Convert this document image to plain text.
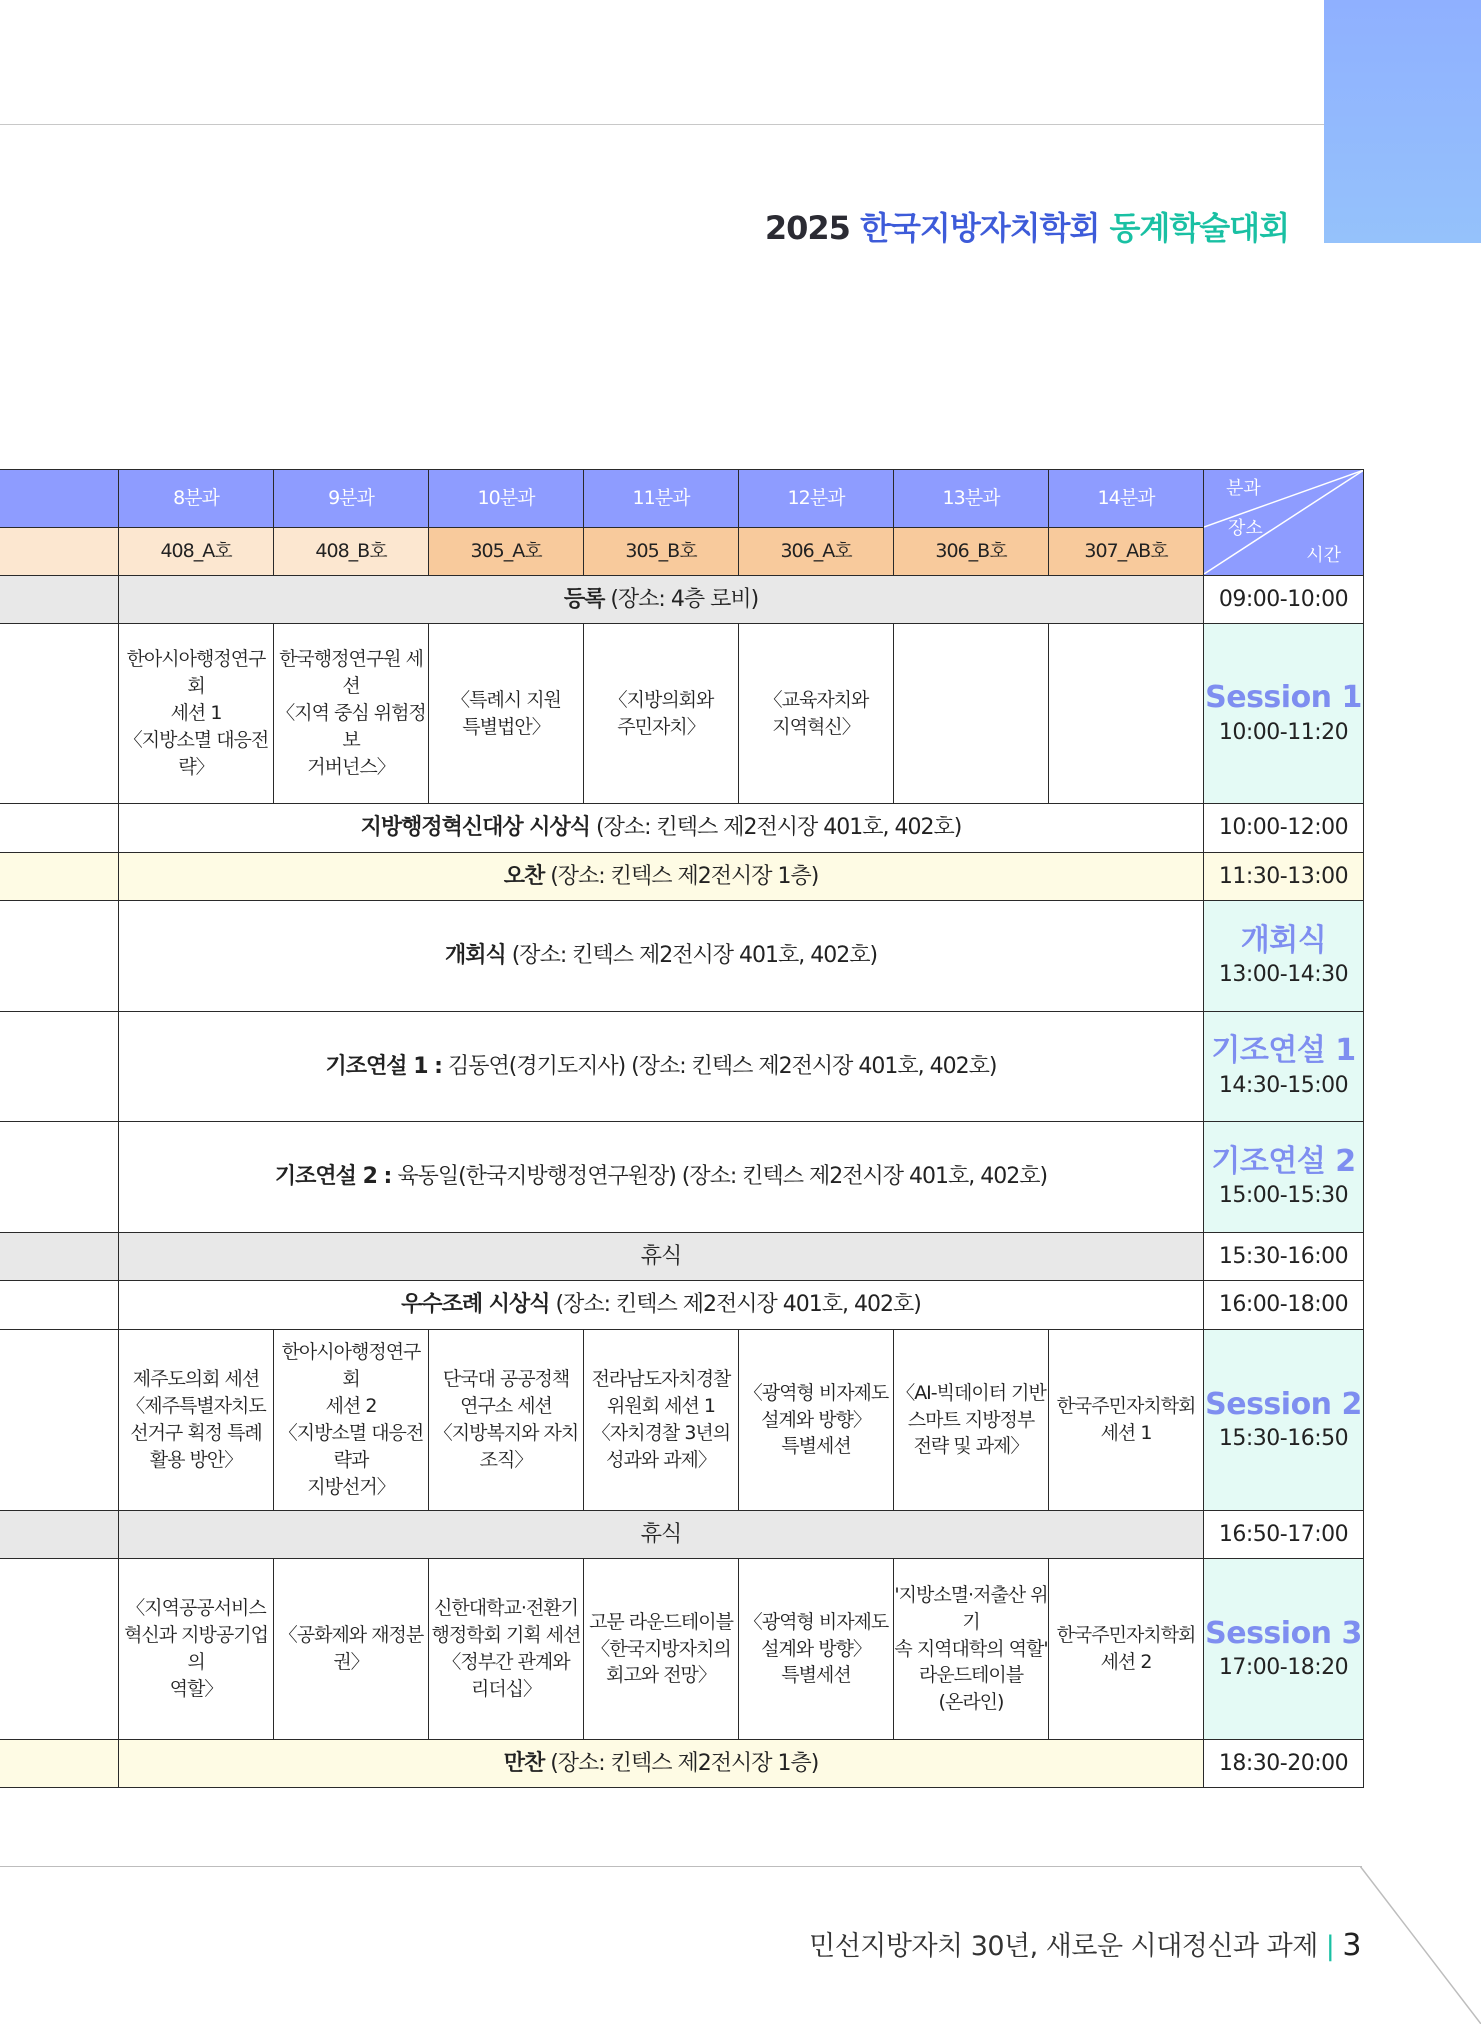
2025 한국지방자치학회 동계학술대회
	8분과	9분과	10분과	11분과	12분과	13분과	14분과	분과
장소
시간

	408_A호	408_B호	305_A호	305_B호	306_A호	306_B호	307_AB호	
	등록 (장소: 4층 로비)							09:00-10:00
	한아시아행정연구회
세션 1
〈지방소멸 대응전략〉	한국행정연구원 세션
〈지역 중심 위험정보
거버넌스〉	〈특례시 지원
특별법안〉	〈지방의회와
주민자치〉	〈교육자치와
지역혁신〉			Session 1
10:00-11:20
	지방행정혁신대상 시상식 (장소: 킨텍스 제2전시장 401호, 402호)							10:00-12:00
	오찬 (장소: 킨텍스 제2전시장 1층)							11:30-13:00
	개회식 (장소: 킨텍스 제2전시장 401호, 402호)							개회식
13:00-14:30
	기조연설 1 : 김동연(경기도지사) (장소: 킨텍스 제2전시장 401호, 402호)							기조연설 1
14:30-15:00
	기조연설 2 : 육동일(한국지방행정연구원장) (장소: 킨텍스 제2전시장 401호, 402호)							기조연설 2
15:00-15:30
	휴식							15:30-16:00
	우수조례 시상식 (장소: 킨텍스 제2전시장 401호, 402호)							16:00-18:00
	제주도의회 세션
〈제주특별자치도
선거구 획정 특례
활용 방안〉	한아시아행정연구회
세션 2
〈지방소멸 대응전략과
지방선거〉	단국대 공공정책
연구소 세션
〈지방복지와 자치조직〉	전라남도자치경찰
위원회 세션 1
〈자치경찰 3년의
성과와 과제〉	〈광역형 비자제도
설계와 방향〉
특별세션	〈AI-빅데이터 기반
스마트 지방정부
전략 및 과제〉	한국주민자치학회
세션 1	Session 2
15:30-16:50
	휴식							16:50-17:00
	〈지역공공서비스
혁신과 지방공기업의
역할〉	〈공화제와 재정분권〉	신한대학교·전환기
행정학회 기획 세션
〈정부간 관계와
리더십〉	고문 라운드테이블
〈한국지방자치의
회고와 전망〉	〈광역형 비자제도
설계와 방향〉
특별세션	'지방소멸·저출산 위기
속 지역대학의 역할'
라운드테이블
(온라인)	한국주민자치학회
세션 2	Session 3
17:00-18:20
	만찬 (장소: 킨텍스 제2전시장 1층)							18:30-20:00
민선지방자치 30년, 새로운 시대정신과 과제 | 3
